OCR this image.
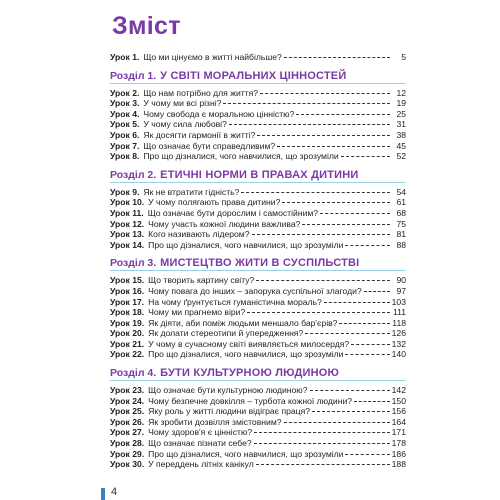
Зміст
Урок 1. Що ми цінуємо в житті найбільше?	5
Розділ 1. У СВІТІ МОРАЛЬНИХ ЦІННОСТЕЙ
Урок 2. Що нам потрібно для життя?	12
Урок 3. У чому ми всі різні?	19
Урок 4. Чому свобода є моральною цінністю?	25
Урок 5. У чому сила любові?	31
Урок 6. Як досягти гармонії в житті?	38
Урок 7. Що означає бути справедливим?	45
Урок 8. Про що дізналися, чого навчилися, що зрозуміли	52
Розділ 2. ЕТИЧНІ НОРМИ В ПРАВАХ ДИТИНИ
Урок 9. Як не втратити гідність?	54
Урок 10. У чому полягають права дитини?	61
Урок 11. Що означає бути дорослим і самостійним?	68
Урок 12. Чому участь кожної людини важлива?	75
Урок 13. Кого називають лідером?	81
Урок 14. Про що дізналися, чого навчилися, що зрозуміли	88
Розділ 3. МИСТЕЦТВО ЖИТИ В СУСПІЛЬСТВІ
Урок 15. Що творить картину світу?	90
Урок 16. Чому повага до інших – запорука суспільної злагоди?	97
Урок 17. На чому ґрунтується гуманістична мораль?	103
Урок 18. Чому ми прагнемо віри?	111
Урок 19. Як діяти, аби поміж людьми меншало бар'єрів?	118
Урок 20. Як долати стереотипи й упередження?	126
Урок 21. У чому в сучасному світі виявляється милосердя?	132
Урок 22. Про що дізналися, чого навчилися, що зрозуміли	140
Розділ 4. БУТИ КУЛЬТУРНОЮ ЛЮДИНОЮ
Урок 23. Що означає бути культурною людиною?	142
Урок 24. Чому безпечне довкілля – турбота кожної людини?	150
Урок 25. Яку роль у житті людини відіграє праця?	156
Урок 26. Як зробити дозвілля змістовним?	164
Урок 27. Чому здоров'я є цінністю?	171
Урок 28. Що означає пізнати себе?	178
Урок 29. Про що дізналися, чого навчилися, що зрозуміли	186
Урок 30. У переддень літніх канікул	188
4
